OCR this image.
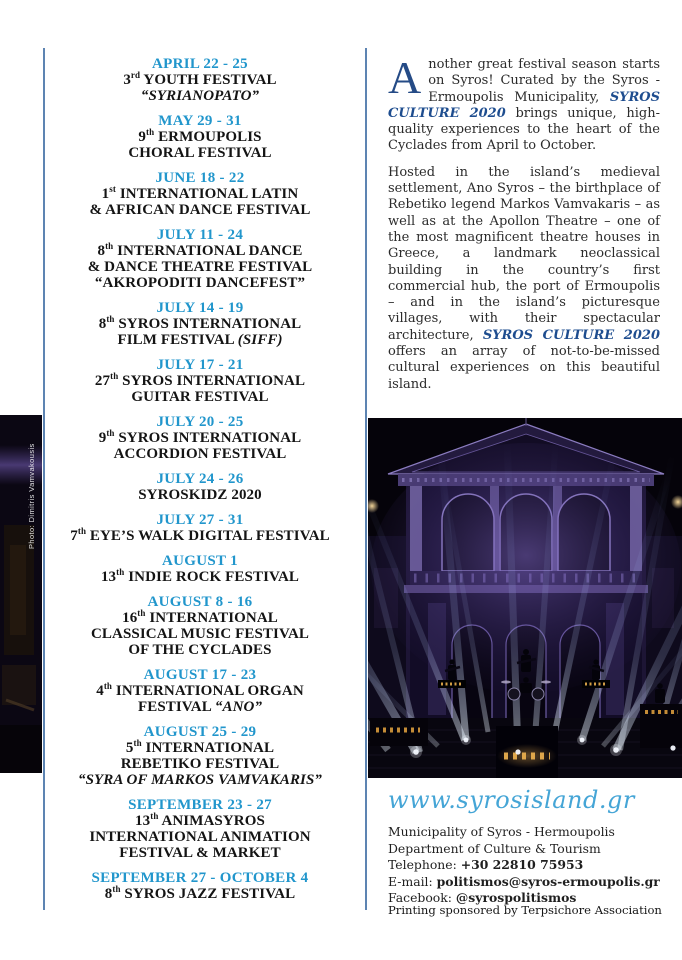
APRIL 22 - 25
3rd YOUTH FESTIVAL
“SYRIANOPATO”
MAY 29 - 31
9th ERMOUPOLIS
CHORAL FESTIVAL
JUNE 18 - 22
1st INTERNATIONAL LATIN
& AFRICAN DANCE FESTIVAL
JULY 11 - 24
8th INTERNATIONAL DANCE
& DANCE THEATRE FESTIVAL
“AKROPODITI DANCEFEST”
JULY 14 - 19
8th SYROS INTERNATIONAL
FILM FESTIVAL (SIFF)
JULY 17 - 21
27th SYROS INTERNATIONAL
GUITAR FESTIVAL
JULY 20 - 25
9th SYROS INTERNATIONAL
ACCORDION FESTIVAL
JULY 24 - 26
SYROSKIDZ 2020
JULY 27 - 31
7th EYE’S WALK DIGITAL FESTIVAL
AUGUST 1
13th INDIE ROCK FESTIVAL
AUGUST 8 - 16
16th INTERNATIONAL
CLASSICAL MUSIC FESTIVAL
OF THE CYCLADES
AUGUST 17 - 23
4th INTERNATIONAL ORGAN
FESTIVAL “ANO”
AUGUST 25 - 29
5th INTERNATIONAL
REBETIKO FESTIVAL
“SYRA OF MARKOS VAMVAKARIS”
SEPTEMBER 23 - 27
13th ANIMASYROS
INTERNATIONAL ANIMATION
FESTIVAL & MARKET
SEPTEMBER 27 - OCTOBER 4
8th SYROS JAZZ FESTIVAL

Another great festival season starts on Syros! Curated by the Syros - Ermoupolis Municipality, SYROS CULTURE 2020 brings unique, high-quality experiences to the heart of the Cyclades from April to October.

Hosted in the island’s medieval settlement, Ano Syros – the birthplace of Rebetiko legend Markos Vamvakaris – as well as at the Apollon Theatre – one of the most magnificent theatre houses in Greece, a landmark neoclassical building in the country’s first commercial hub, the port of Ermoupolis – and in the island’s picturesque villages, with their spectacular architecture, SYROS CULTURE 2020 offers an array of not-to-be-missed cultural experiences on this beautiful island.

Photo: Dimitris Vamvakousis
www.syrosisland.gr
Municipality of Syros - Hermoupolis
Department of Culture & Tourism
Telephone: +30 22810 75953
E-mail: politismos@syros-ermoupolis.gr
Facebook: @syrospolitismos
Printing sponsored by Terpsichore Association
